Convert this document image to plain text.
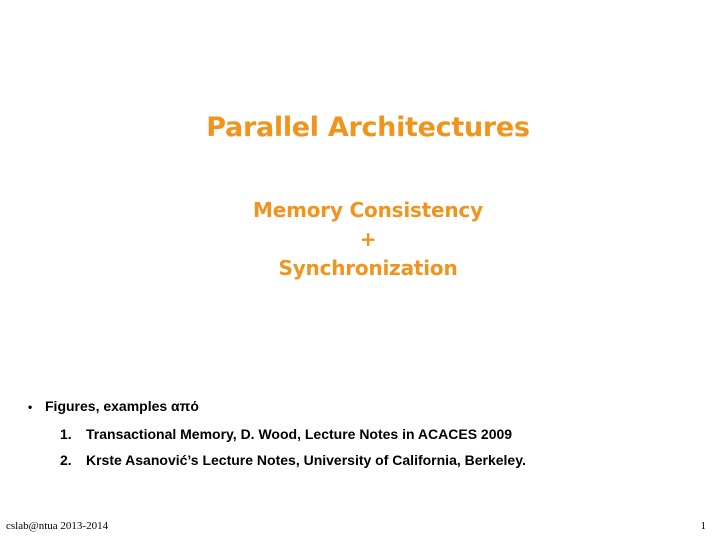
Parallel Architectures
Memory Consistency
+
Synchronization
• Figures, examples από
1.	Transactional Memory, D. Wood, Lecture Notes in ACACES 2009
2.	Krste Asanović’s Lecture Notes, University of California, Berkeley.
cslab@ntua 2013-2014	1
